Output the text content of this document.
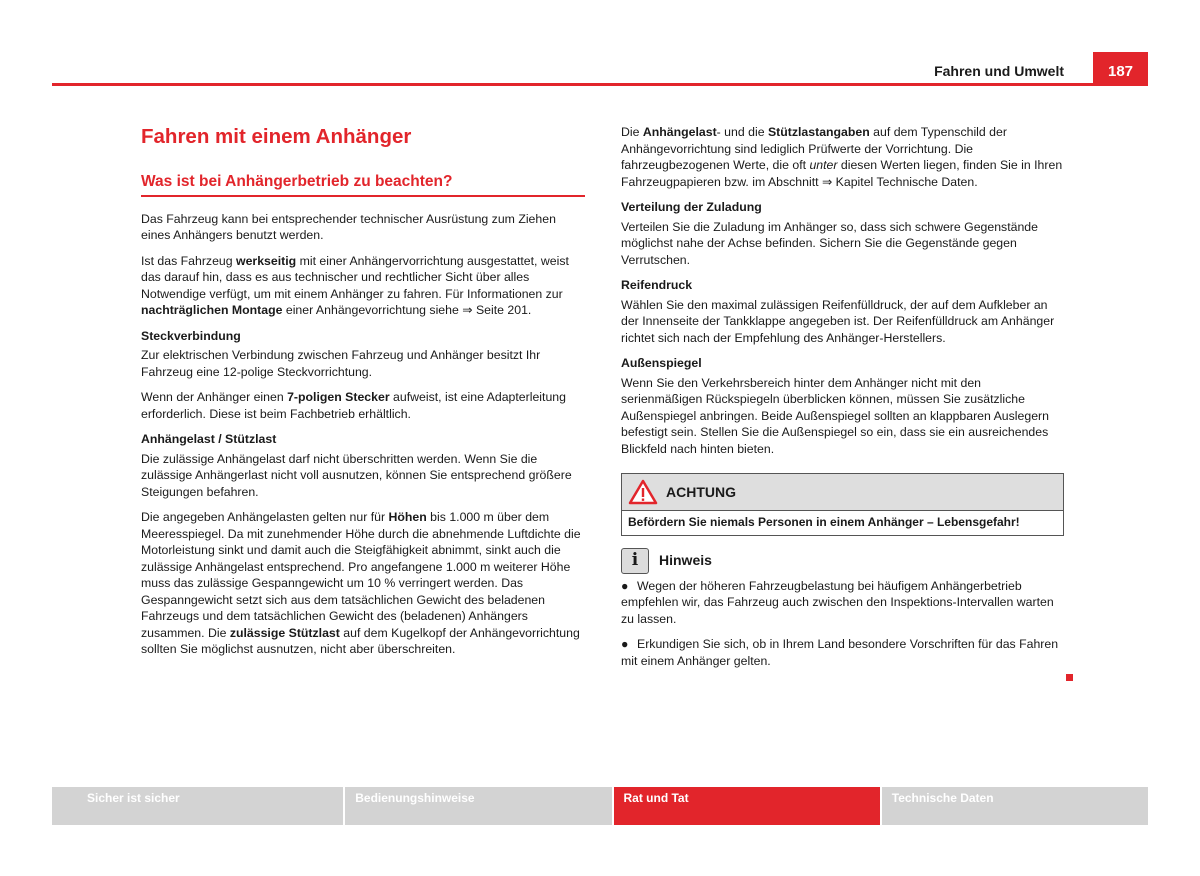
Fahren und Umwelt	187
Fahren mit einem Anhänger
Was ist bei Anhängerbetrieb zu beachten?

Das Fahrzeug kann bei entsprechender technischer Ausrüstung zum Ziehen eines Anhängers benutzt werden.

Ist das Fahrzeug werkseitig mit einer Anhängervorrichtung ausgestattet, weist das darauf hin, dass es aus technischer und rechtlicher Sicht über alles Notwendige verfügt, um mit einem Anhänger zu fahren. Für Informationen zur nachträglichen Montage einer Anhängevorrichtung siehe ⇒ Seite 201.

Steckverbindung

Zur elektrischen Verbindung zwischen Fahrzeug und Anhänger besitzt Ihr Fahrzeug eine 12-polige Steckvorrichtung.

Wenn der Anhänger einen 7-poligen Stecker aufweist, ist eine Adapterleitung erforderlich. Diese ist beim Fachbetrieb erhältlich.

Anhängelast / Stützlast

Die zulässige Anhängelast darf nicht überschritten werden. Wenn Sie die zulässige Anhängerlast nicht voll ausnutzen, können Sie entsprechend größere Steigungen befahren.

Die angegeben Anhängelasten gelten nur für Höhen bis 1.000 m über dem Meeresspiegel. Da mit zunehmender Höhe durch die abnehmende Luftdichte die Motorleistung sinkt und damit auch die Steigfähigkeit abnimmt, sinkt auch die zulässige Anhängelast entsprechend. Pro angefangene 1.000 m weiterer Höhe muss das zulässige Gespanngewicht um 10 % verringert werden. Das Gespanngewicht setzt sich aus dem tatsächlichen Gewicht des beladenen Fahrzeugs und dem tatsächlichen Gewicht des (beladenen) Anhängers zusammen. Die zulässige Stützlast auf dem Kugelkopf der Anhängevorrichtung sollten Sie möglichst ausnutzen, nicht aber überschreiten.

Die Anhängelast- und die Stützlastangaben auf dem Typenschild der Anhängevorrichtung sind lediglich Prüfwerte der Vorrichtung. Die fahrzeugbezogenen Werte, die oft unter diesen Werten liegen, finden Sie in Ihren Fahrzeugpapieren bzw. im Abschnitt ⇒ Kapitel Technische Daten.

Verteilung der Zuladung

Verteilen Sie die Zuladung im Anhänger so, dass sich schwere Gegenstände möglichst nahe der Achse befinden. Sichern Sie die Gegenstände gegen Verrutschen.

Reifendruck

Wählen Sie den maximal zulässigen Reifenfülldruck, der auf dem Aufkleber an der Innenseite der Tankklappe angegeben ist. Der Reifenfülldruck am Anhänger richtet sich nach der Empfehlung des Anhänger-Herstellers.

Außenspiegel

Wenn Sie den Verkehrsbereich hinter dem Anhänger nicht mit den serienmäßigen Rückspiegeln überblicken können, müssen Sie zusätzliche Außenspiegel anbringen. Beide Außenspiegel sollten an klappbaren Auslegern befestigt sein. Stellen Sie die Außenspiegel so ein, dass sie ein ausreichendes Blickfeld nach hinten bieten.

ACHTUNG
Befördern Sie niemals Personen in einem Anhänger – Lebensgefahr!
i	Hinweis

● Wegen der höheren Fahrzeugbelastung bei häufigem Anhängerbetrieb empfehlen wir, das Fahrzeug auch zwischen den Inspektions-Intervallen warten zu lassen.

● Erkundigen Sie sich, ob in Ihrem Land besondere Vorschriften für das Fahren mit einem Anhänger gelten.

Sicher ist sicher	Bedienungshinweise	Rat und Tat	Technische Daten
